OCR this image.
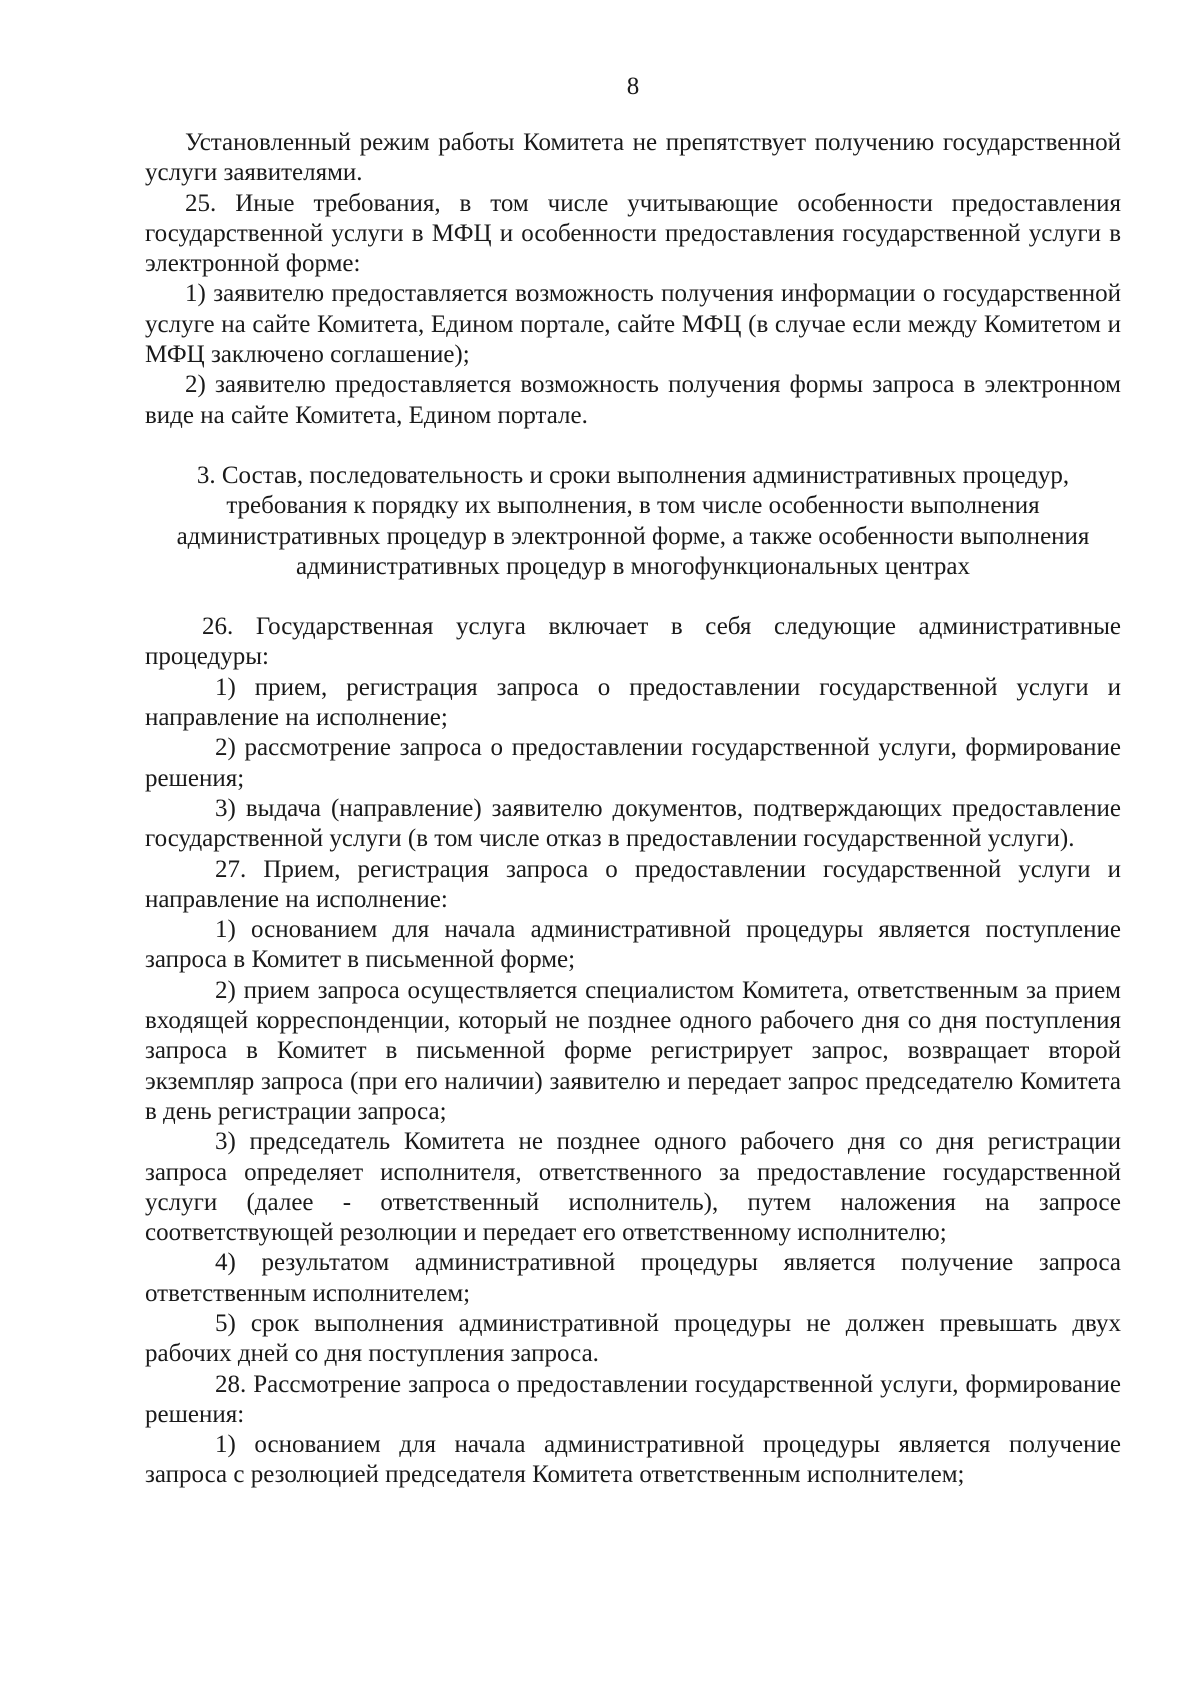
8

Установленный режим работы Комитета не препятствует получению государственной услуги заявителями.

25. Иные требования, в том числе учитывающие особенности предоставления государственной услуги в МФЦ и особенности предоставления государственной услуги в электронной форме:

1) заявителю предоставляется возможность получения информации о государственной услуге на сайте Комитета, Едином портале, сайте МФЦ (в случае если между Комитетом и МФЦ заключено соглашение);

2) заявителю предоставляется возможность получения формы запроса в электронном виде на сайте Комитета, Едином портале.

3. Состав, последовательность и сроки выполнения административных процедур,
требования к порядку их выполнения, в том числе особенности выполнения
административных процедур в электронной форме, а также особенности выполнения
административных процедур в многофункциональных центрах

26. Государственная услуга включает в себя следующие административные процедуры:

1) прием, регистрация запроса о предоставлении государственной услуги и направление на исполнение;

2) рассмотрение запроса о предоставлении государственной услуги, формирование решения;

3) выдача (направление) заявителю документов, подтверждающих предоставление государственной услуги (в том числе отказ в предоставлении государственной услуги).

27. Прием, регистрация запроса о предоставлении государственной услуги и направление на исполнение:

1) основанием для начала административной процедуры является поступление запроса в Комитет в письменной форме;

2) прием запроса осуществляется специалистом Комитета, ответственным за прием входящей корреспонденции, который не позднее одного рабочего дня со дня поступления запроса в Комитет в письменной форме регистрирует запрос, возвращает второй экземпляр запроса (при его наличии) заявителю и передает запрос председателю Комитета в день регистрации запроса;

3) председатель Комитета не позднее одного рабочего дня со дня регистрации запроса определяет исполнителя, ответственного за предоставление государственной услуги (далее - ответственный исполнитель), путем наложения на запросе соответствующей резолюции и передает его ответственному исполнителю;

4) результатом административной процедуры является получение запроса ответственным исполнителем;

5) срок выполнения административной процедуры не должен превышать двух рабочих дней со дня поступления запроса.

28. Рассмотрение запроса о предоставлении государственной услуги, формирование решения:

1) основанием для начала административной процедуры является получение запроса с резолюцией председателя Комитета ответственным исполнителем;
